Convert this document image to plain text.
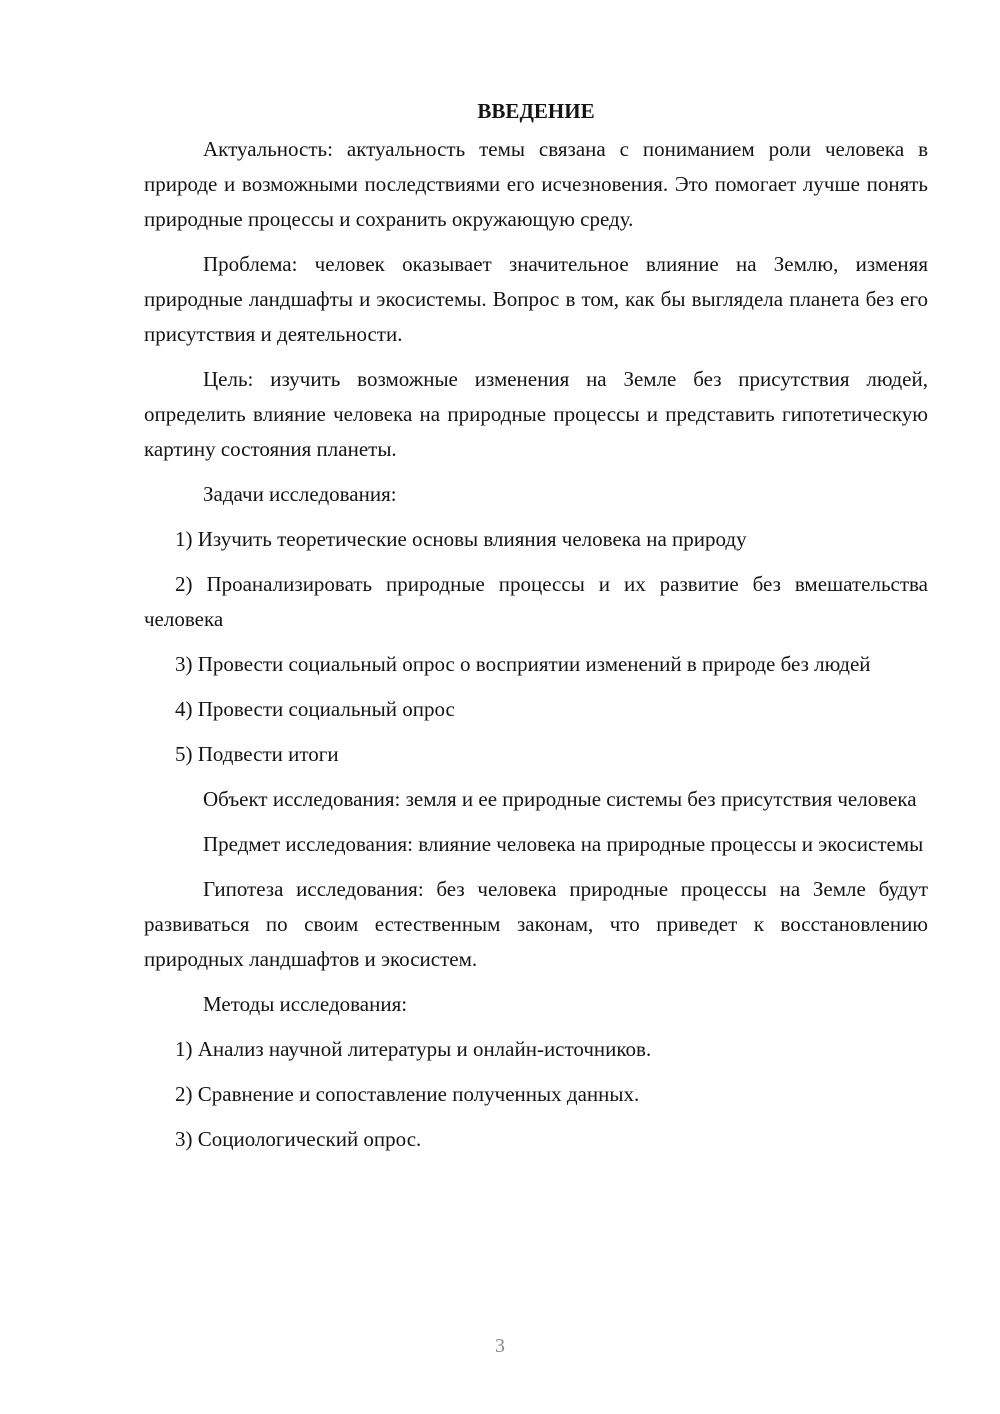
ВВЕДЕНИЕ

Актуальность: актуальность темы связана с пониманием роли человека в природе и возможными последствиями его исчезновения. Это помогает лучше понять природные процессы и сохранить окружающую среду.

Проблема: человек оказывает значительное влияние на Землю, изменяя природные ландшафты и экосистемы. Вопрос в том, как бы выглядела планета без его присутствия и деятельности.

Цель: изучить возможные изменения на Земле без присутствия людей, определить влияние человека на природные процессы и представить гипотетическую картину состояния планеты.

Задачи исследования:

1) Изучить теоретические основы влияния человека на природу

2) Проанализировать природные процессы и их развитие без вмешательства человека

3) Провести социальный опрос о восприятии изменений в природе без людей

4) Провести социальный опрос

5) Подвести итоги

Объект исследования: земля и ее природные системы без присутствия человека

Предмет исследования: влияние человека на природные процессы и экосистемы

Гипотеза исследования: без человека природные процессы на Земле будут развиваться по своим естественным законам, что приведет к восстановлению природных ландшафтов и экосистем.

Методы исследования:

1) Анализ научной литературы и онлайн-источников.

2) Сравнение и сопоставление полученных данных.

3) Социологический опрос.

3
